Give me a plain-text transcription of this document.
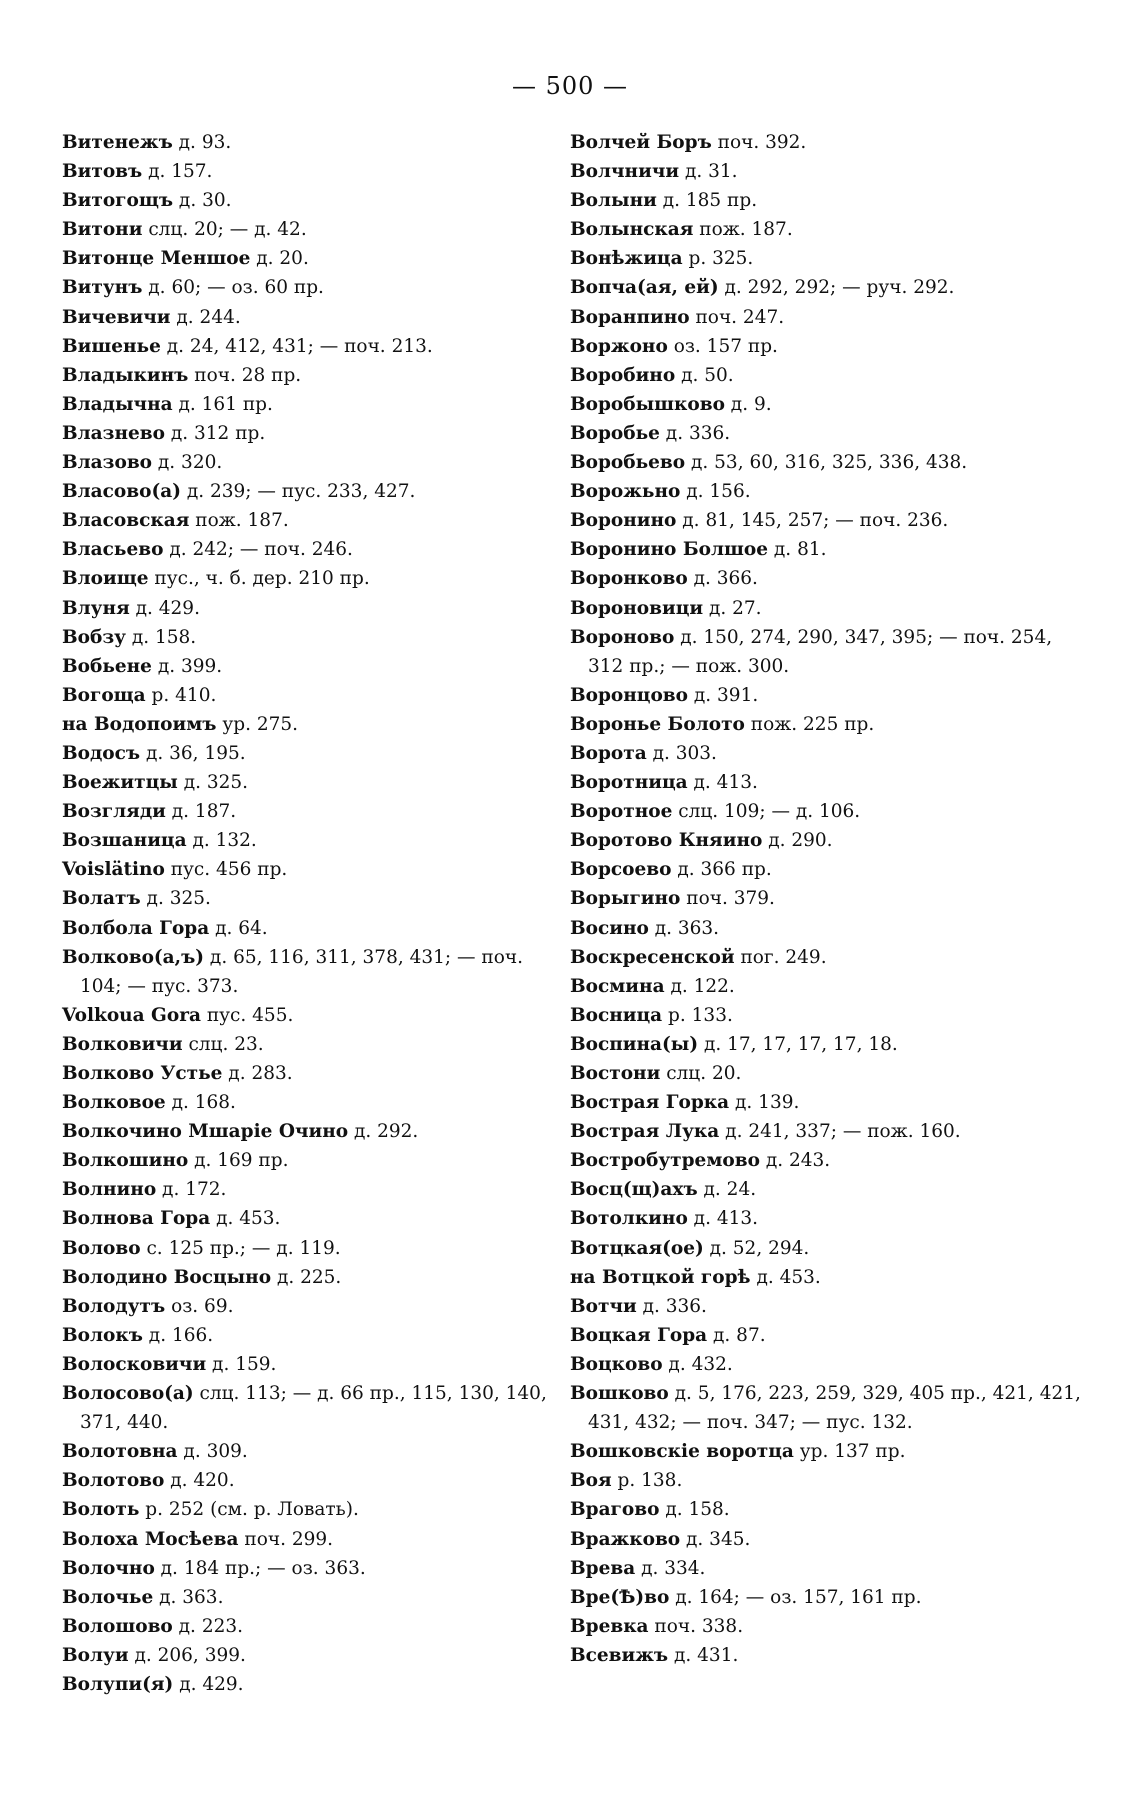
— 500 —
Витенежъ д. 93.
Витовъ д. 157.
Витогощъ д. 30.
Витони слц. 20; — д. 42.
Витонце Меншое д. 20.
Витунъ д. 60; — оз. 60 пр.
Вичевичи д. 244.
Вишенье д. 24, 412, 431; — поч. 213.
Владыкинъ поч. 28 пр.
Владычна д. 161 пр.
Влазнево д. 312 пр.
Влазово д. 320.
Власово(а) д. 239; — пус. 233, 427.
Власовская пож. 187.
Власьево д. 242; — поч. 246.
Влоище пус., ч. б. дер. 210 пр.
Влуня д. 429.
Вобзу д. 158.
Вобьене д. 399.
Вогоща р. 410.
на Водопоимъ ур. 275.
Водосъ д. 36, 195.
Воежитцы д. 325.
Возгляди д. 187.
Возшаница д. 132.
Voislätino пус. 456 пр.
Волатъ д. 325.
Волбола Гора д. 64.
Волково(а,ъ) д. 65, 116, 311, 378, 431; — поч. 104; — пус. 373.
Volkoua Gora пус. 455.
Волковичи слц. 23.
Волково Устье д. 283.
Волковое д. 168.
Волкочино Мшаріе Очино д. 292.
Волкошино д. 169 пр.
Волнино д. 172.
Волнова Гора д. 453.
Волово с. 125 пр.; — д. 119.
Володино Восцыно д. 225.
Володутъ оз. 69.
Волокъ д. 166.
Волосковичи д. 159.
Волосово(а) слц. 113; — д. 66 пр., 115, 130, 140, 371, 440.
Волотовна д. 309.
Волотово д. 420.
Волоть р. 252 (см. р. Ловать).
Волоха Мосѣева поч. 299.
Волочно д. 184 пр.; — оз. 363.
Волочье д. 363.
Волошово д. 223.
Волуи д. 206, 399.
Волупи(я) д. 429.
Волчей Боръ поч. 392.
Волчничи д. 31.
Волыни д. 185 пр.
Волынская пож. 187.
Вонѣжица р. 325.
Вопча(ая, ей) д. 292, 292; — руч. 292.
Воранпино поч. 247.
Воржоно оз. 157 пр.
Воробино д. 50.
Воробышково д. 9.
Воробье д. 336.
Воробьево д. 53, 60, 316, 325, 336, 438.
Ворожьно д. 156.
Воронино д. 81, 145, 257; — поч. 236.
Воронино Болшое д. 81.
Воронково д. 366.
Вороновици д. 27.
Вороново д. 150, 274, 290, 347, 395; — поч. 254, 312 пр.; — пож. 300.
Воронцово д. 391.
Воронье Болото пож. 225 пр.
Ворота д. 303.
Воротница д. 413.
Воротное слц. 109; — д. 106.
Воротово Княино д. 290.
Ворсоево д. 366 пр.
Ворыгино поч. 379.
Восино д. 363.
Воскресенской пог. 249.
Восмина д. 122.
Восница р. 133.
Воспина(ы) д. 17, 17, 17, 17, 18.
Востони слц. 20.
Вострая Горка д. 139.
Вострая Лука д. 241, 337; — пож. 160.
Востробутремово д. 243.
Восц(щ)ахъ д. 24.
Вотолкино д. 413.
Вотцкая(ое) д. 52, 294.
на Вотцкой горѣ д. 453.
Вотчи д. 336.
Воцкая Гора д. 87.
Воцково д. 432.
Вошково д. 5, 176, 223, 259, 329, 405 пр., 421, 421, 431, 432; — поч. 347; — пус. 132.
Вошковскіе воротца ур. 137 пр.
Воя р. 138.
Врагово д. 158.
Вражково д. 345.
Врева д. 334.
Вре(Ѣ)во д. 164; — оз. 157, 161 пр.
Вревка поч. 338.
Всевижъ д. 431.
